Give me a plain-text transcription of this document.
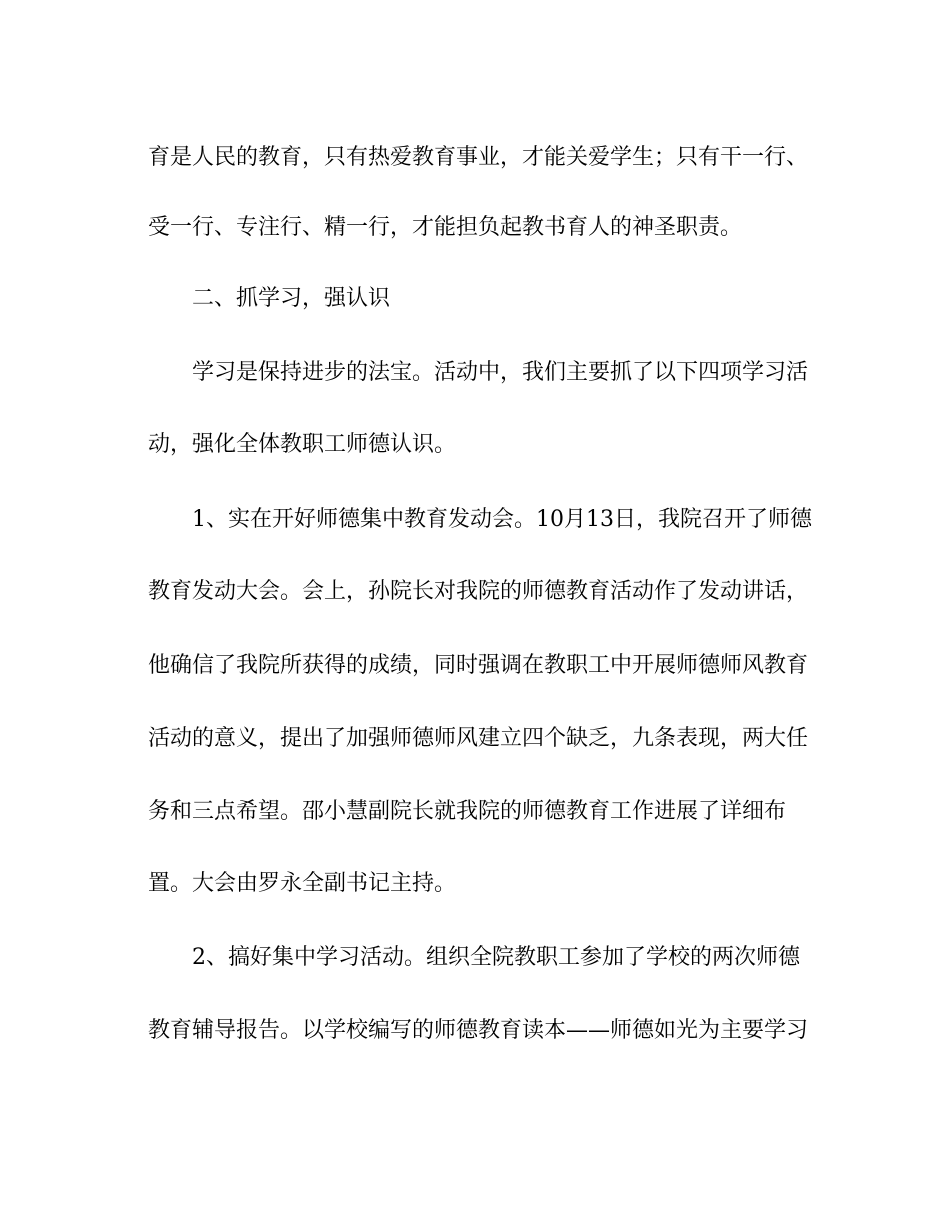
育是人民的教育，只有热爱教育事业，才能关爱学生；只有干一行、
受一行、专注行、精一行，才能担负起教书育人的神圣职责。
二、抓学习，强认识
学习是保持进步的法宝。活动中，我们主要抓了以下四项学习活
动，强化全体教职工师德认识。
1、实在开好师德集中教育发动会。10月13日，我院召开了师德
教育发动大会。会上，孙院长对我院的师德教育活动作了发动讲话，
他确信了我院所获得的成绩，同时强调在教职工中开展师德师风教育
活动的意义，提出了加强师德师风建立四个缺乏，九条表现，两大任
务和三点希望。邵小慧副院长就我院的师德教育工作进展了详细布
置。大会由罗永全副书记主持。
2、搞好集中学习活动。组织全院教职工参加了学校的两次师德
教育辅导报告。以学校编写的师德教育读本——师德如光为主要学习
